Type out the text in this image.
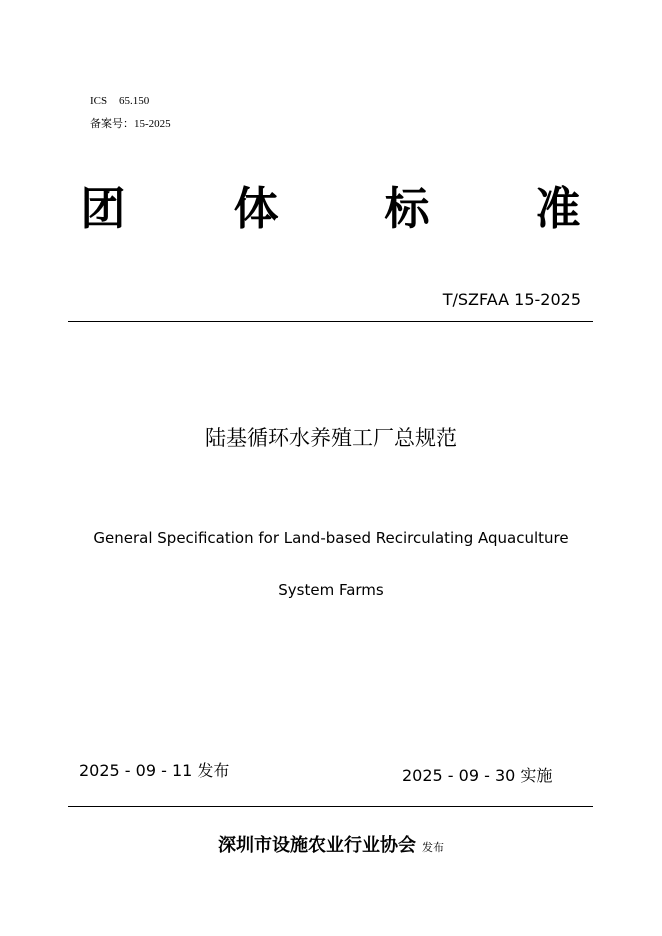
ICS 65.150
备案号：15-2025
团 体 标 准
T/SZFAA 15-2025
陆基循环水养殖工厂总规范
General Specification for Land-based Recirculating Aquaculture
System Farms
2025 - 09 - 11 发布	2025 - 09 - 30 实施
深圳市设施农业行业协会 发布
